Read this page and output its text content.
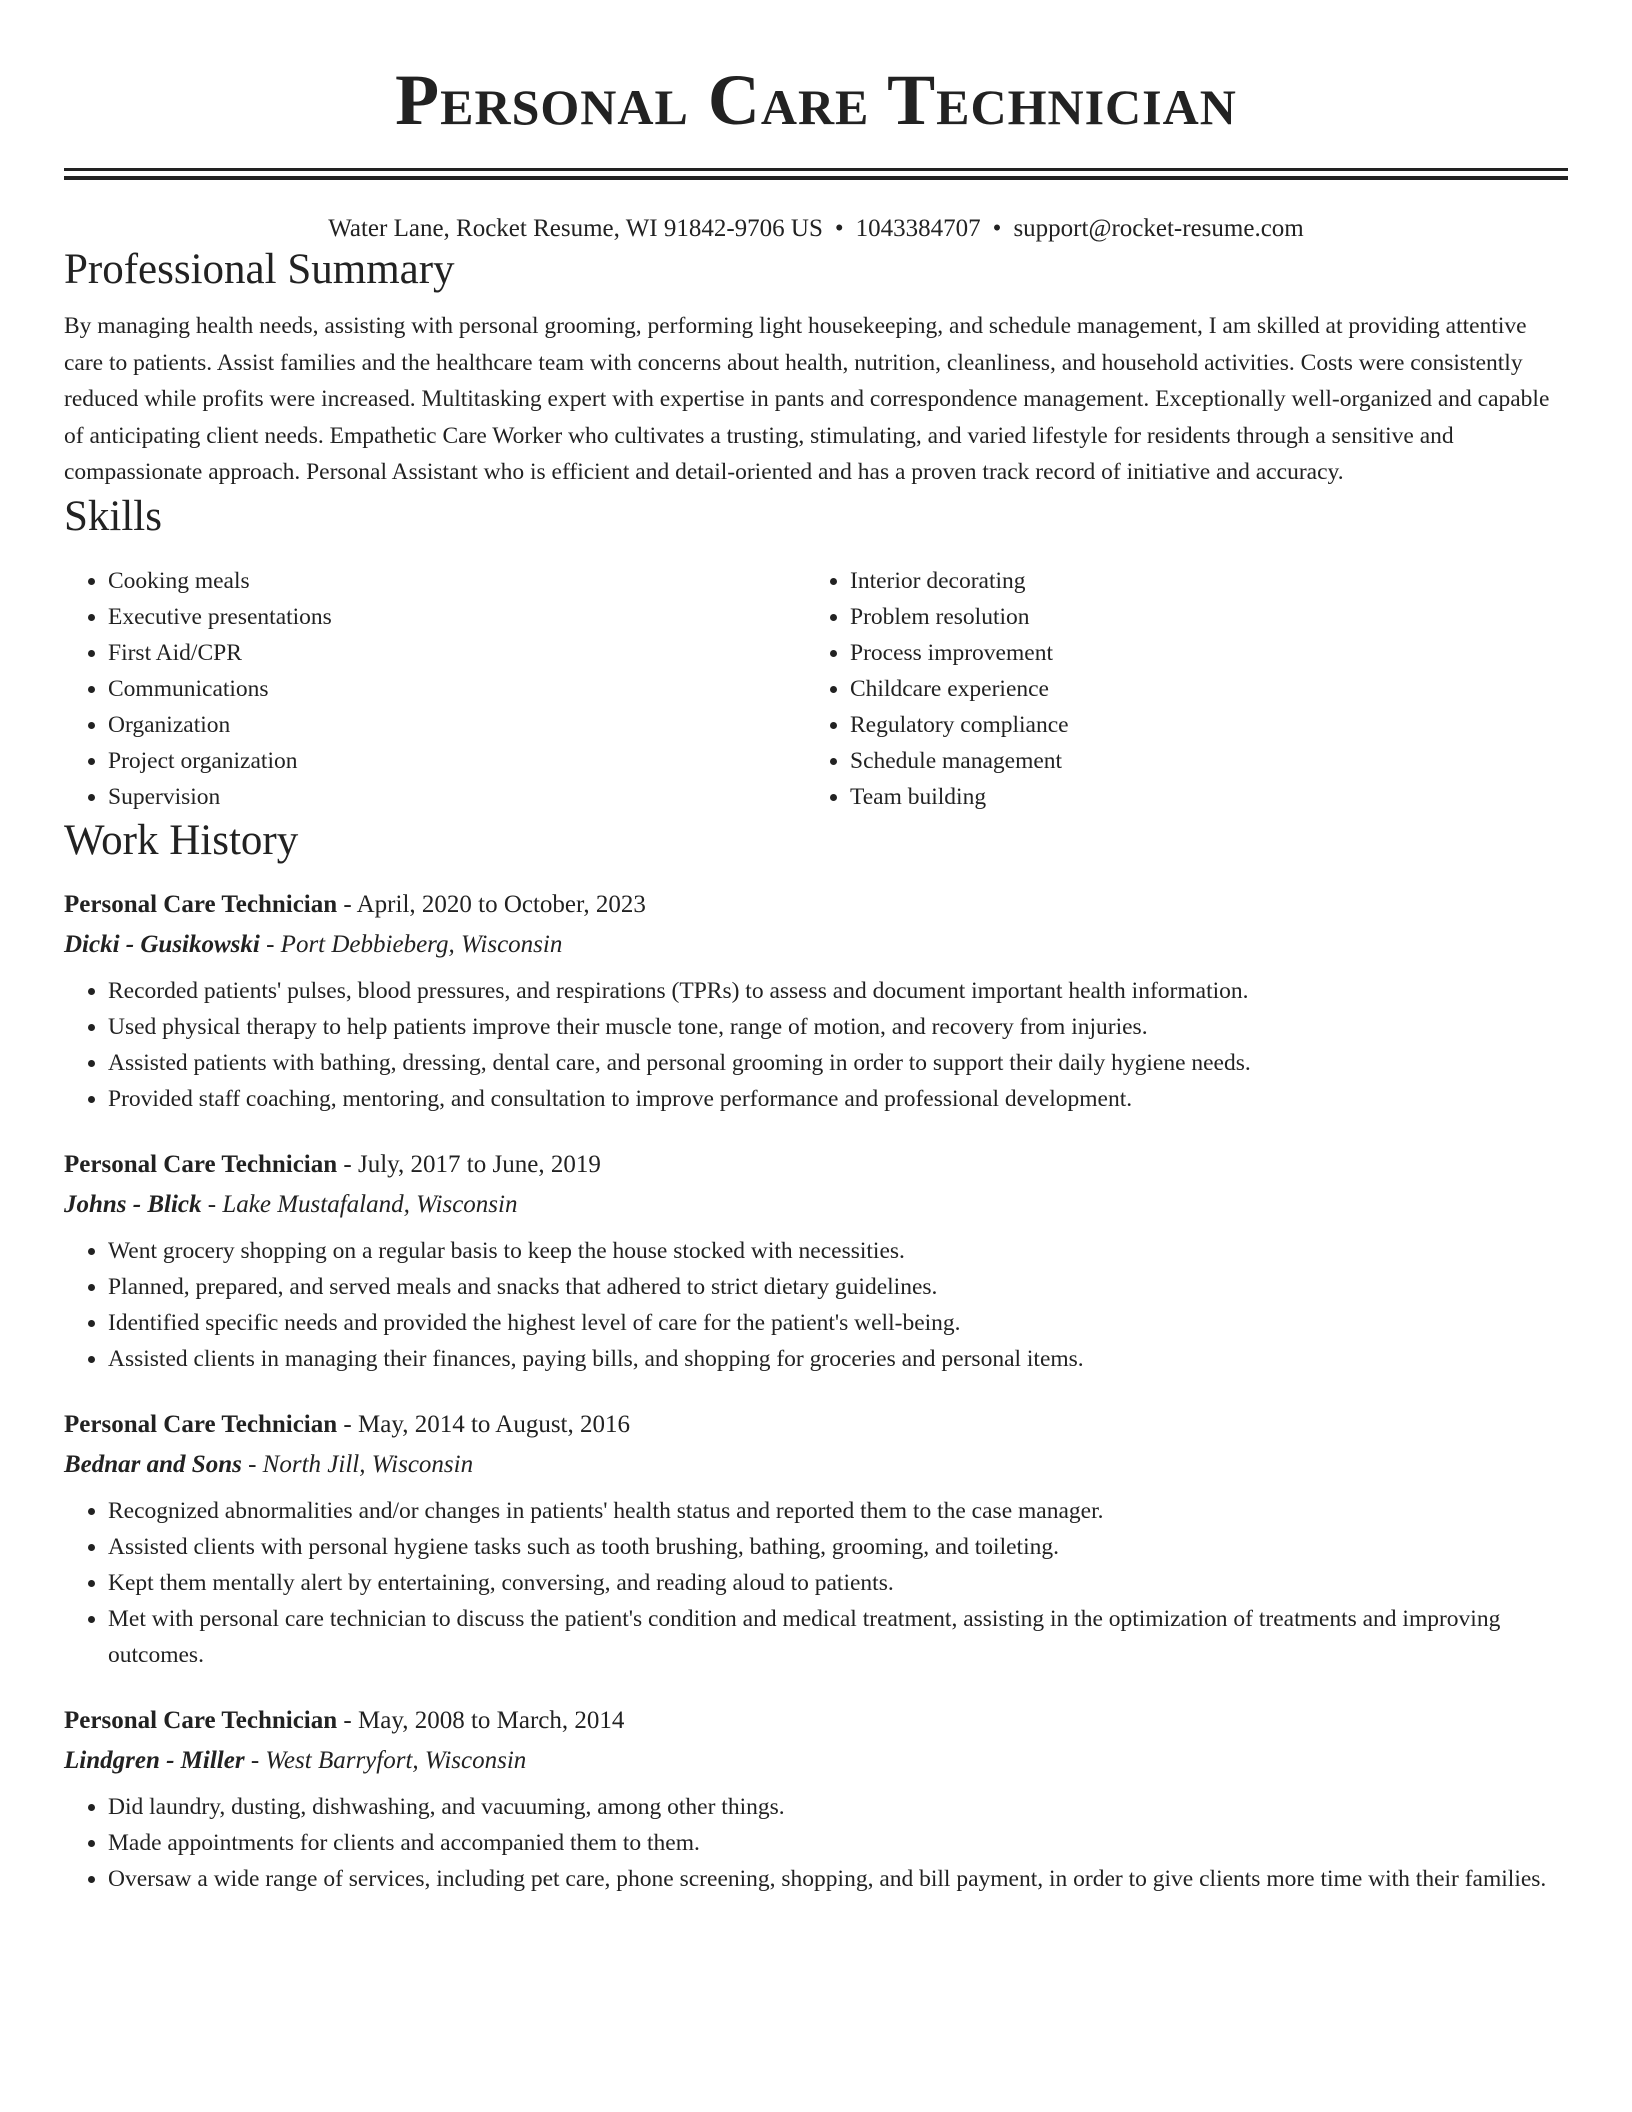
Personal Care Technician
Water Lane, Rocket Resume, WI 91842-9706 US • 1043384707 • support@rocket-resume.com
Professional Summary

By managing health needs, assisting with personal grooming, performing light housekeeping, and schedule management, I am skilled at providing attentive care to patients. Assist families and the healthcare team with concerns about health, nutrition, cleanliness, and household activities. Costs were consistently reduced while profits were increased. Multitasking expert with expertise in pants and correspondence management. Exceptionally well-organized and capable of anticipating client needs. Empathetic Care Worker who cultivates a trusting, stimulating, and varied lifestyle for residents through a sensitive and compassionate approach. Personal Assistant who is efficient and detail-oriented and has a proven track record of initiative and accuracy.

Skills
• Cooking meals
• Executive presentations
• First Aid/CPR
• Communications
• Organization
• Project organization
• Supervision
• Interior decorating
• Problem resolution
• Process improvement
• Childcare experience
• Regulatory compliance
• Schedule management
• Team building
Work History
Personal Care Technician - April, 2020 to October, 2023
Dicki - Gusikowski - Port Debbieberg, Wisconsin
• Recorded patients' pulses, blood pressures, and respirations (TPRs) to assess and document important health information.
• Used physical therapy to help patients improve their muscle tone, range of motion, and recovery from injuries.
• Assisted patients with bathing, dressing, dental care, and personal grooming in order to support their daily hygiene needs.
• Provided staff coaching, mentoring, and consultation to improve performance and professional development.
Personal Care Technician - July, 2017 to June, 2019
Johns - Blick - Lake Mustafaland, Wisconsin
• Went grocery shopping on a regular basis to keep the house stocked with necessities.
• Planned, prepared, and served meals and snacks that adhered to strict dietary guidelines.
• Identified specific needs and provided the highest level of care for the patient's well-being.
• Assisted clients in managing their finances, paying bills, and shopping for groceries and personal items.
Personal Care Technician - May, 2014 to August, 2016
Bednar and Sons - North Jill, Wisconsin
• Recognized abnormalities and/or changes in patients' health status and reported them to the case manager.
• Assisted clients with personal hygiene tasks such as tooth brushing, bathing, grooming, and toileting.
• Kept them mentally alert by entertaining, conversing, and reading aloud to patients.
• Met with personal care technician to discuss the patient's condition and medical treatment, assisting in the optimization of treatments and improving outcomes.
Personal Care Technician - May, 2008 to March, 2014
Lindgren - Miller - West Barryfort, Wisconsin
• Did laundry, dusting, dishwashing, and vacuuming, among other things.
• Made appointments for clients and accompanied them to them.
• Oversaw a wide range of services, including pet care, phone screening, shopping, and bill payment, in order to give clients more time with their families.
